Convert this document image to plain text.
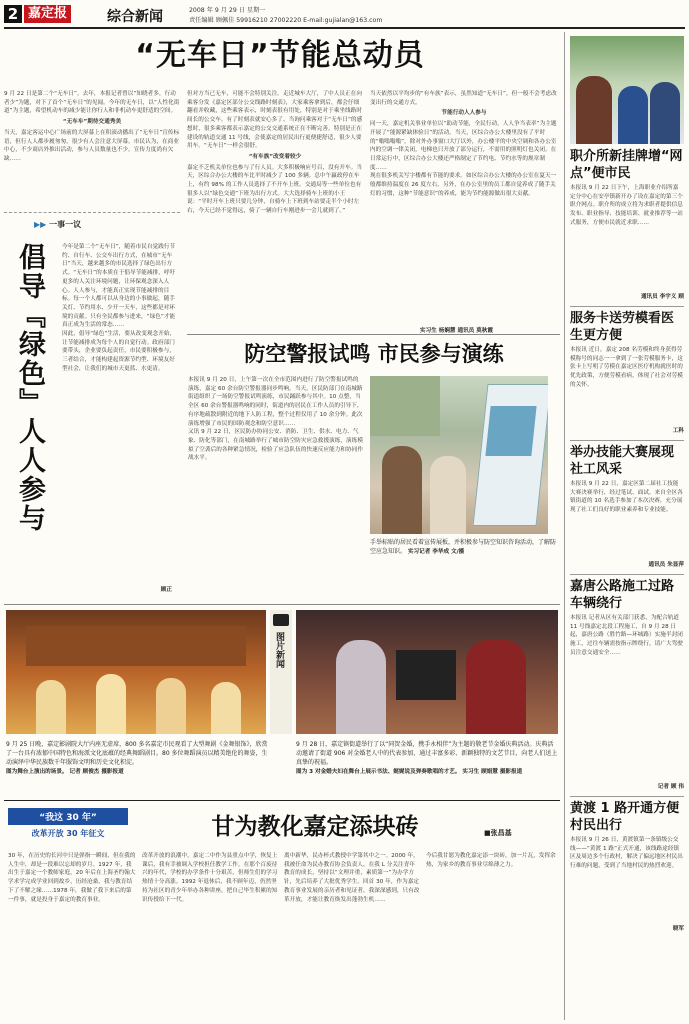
2 嘉定报	综合新闻	2008 年 9 月 29 日 星期一
责任编辑 顾佩佳 59916210 27002220 E-mail:gujialan@163.com
“无车日”节能总动员
9 月 22 日是第二个“无车日”。去年，本报记者曾以“知晓者多，行动者少”为题，对下了首个“无车日”的见闻。今年的无车日，以“人性化街道”为主题，希望机动车的减少能让你行人和非机动车更舒适的空间。
“无车车”期待交通秀美
当天，嘉定客运中心广场前的大屏幕上在积滚动播出了“无车日”宣传标语，但行人人都步履匆匆，很少有人会注意大屏幕。市民认为，在商业中心，不少商店外推出活动，参与人员数量也不少。宣传力度尚有欠缺……
但对方当已无车，可能不会特别关注。走近城车大厅，了中人员正在向乘客分发《嘉定区部分公交线路时刻表》，大家乘客拿到后，都会仔细翻看并收藏，这些乘客表示，时刻表很有用处，特别是对于乘坐线路时间长的公交车。有了时刻表就安心多了。当询问乘客对于“无车日”的感想时，很多乘客都表示嘉定的公交交通系统正在不断完善，特别是正在建设的轨道交通 11 号线，会使嘉定的居民出行更便捷舒适，很少人要用车。“无车日”一样会很舒。
“有车族”改变着较少
嘉定不乏机关单位也参与了行人员。大多积极响应号召，没有开车。当天，区综合办公大楼的车比平时减少了 100 多辆。总中午赢政停在车上，有约 98% 的工作人员选择了不开车上班。交通局等一些单位也有很多人以“绿色交通”下班为出行方式。大大选择骑车上班的小王说：“平时开车上班只要几分钟，自骑车上下班到车站要走半个小时左右，今天已经不觉得远，骑了一辆自行车刚进步一会儿就到了。”
当天依然以平均步的“有车族”表示，虽然知道“无车日”，但一般不会考虑改变出行的交通方式。
节能行动人人参与
同一天，嘉定机关事业单位以“助动节能，全民行动，人人争当表率”为主题开展了“能源紧缺体验日”的活动。当天，区综合办公大楼里没有了平时的“嗡嗡嗡嗡”，除对外办事窗口大厅以外，办公楼平的中央空调和各办公室内的空调一律关闭，电梯也只开放了部分运行，不需用的照明灯也关闭。在日常运行中，区综合办公大楼还严格制定了节约电、节约水等的规章制度……
现在很多机关写字楼都有节能的要求。如区综合办公大楼的办公室在夏天一般都维持温度在 26 度左右，另外，在办公室里的员工都自觉养成了随手关灯的习惯，这种“节能意识”的养成，能为节约能源做出很大贡献。
实习生 杨娴慧 通讯员 莫秋霞
▶▶ 一事一议
倡导『绿色』人人参与	今年是第二个“无车日”，随着市民自觉践行节约、自行车、公交车出行方式，在城市“无车日”当天，越来越多的市民选择了绿色出行方式。“无车日”的本质在于倡导节能减排，呼吁更多的人关注环境问题，让环保观念深入人心。人人参与，才能真正实现节能减排的目标。每一个人都可以从身边的小事做起，随手关灯、节约用水、少开一天车，这些都是对环境的贡献。只有全民都参与进来，“绿色”才能真正成为生活的常态……
因此，倡导“绿色”生活，要从改变观念开始，让节能减排成为每个人的自觉行动。政府部门要带头，企业要负起责任，市民要积极参与，三者结合，才能构建起资源节约型、环境友好型社会，让我们的城市天更蓝、水更清。
顾正
防空警报试鸣 市民参与演练
本报讯 9 月 20 日，上午第一次在全市范围内进行了防空警报试鸣的演练，嘉定 60 余台防空警报器同步鸣响。当天，区民防部门在南城路街道组织了一场防空警报试鸣演练，市民踊跃参与其中。10 点整，当全区 60 余台警报器鸣响的同时，街道内的居民在工作人员的引导下，有序地疏散到附近的地下人防工程，整个过程仅用了 10 余分钟。此次演练增强了市民的国防观念和防空意识……
又讯 9 月 22 日，区民防办协同公安、消防、卫生、供水、电力、气象、防化等部门，在南城路举行了城市防空防灾应急救援演练，演练模拟了空袭后的各种紧急情况，检验了应急队伍的快速反应能力和协同作战水平。
手举标贴的居民看着宣传展板，并积极参与防空知识咨询活动，了解防空应急知识。 实习记者 李华成 文/摄
图片新闻
9 月 25 日晚，嘉定影剧院大厅内座无虚席，800 多名嘉定市民观看了大型舞剧《金舞银饰》，欣赏了一台具有浓郁中国特色和海派文化底蕴的经典舞蹈剧目。80 多位舞蹈演员以精美绝伦的舞姿，生动演绎中华民族数千年服饰文明和历史文化积淀。
图为舞台上演出的场景。 记者 顾俊杰 摄影报道
9 月 28 日，嘉定镇街道举行了以“同贺金婚，携手永相伴”为主题的敬老节金婚庆典活动。庆典活动邀请了街道 906 对金婚老人中的代表参加，通过丰富多彩、新颖独特的文艺节目，向老人们送上真挚的祝福。
图为 3 对金婚夫妇在舞台上展示书法、娓娓说及弹奏歌唱的才艺。 实习生 顾娟慧 摄影报道
“我这 30 年”
改革开放 30 年征文	甘为教化嘉定添块砖	■张昌基
30 年，在历史的长河中只是弹指一瞬间，但在我的人生中，却是一段难以忘却的岁月。1927 年，我出生于嘉定一个教师家庭，20 年后在上海圣约翰大学求学完成学业回到故乡，历经沧桑，我与教育结下了不解之缘……1978 年，我做了我下来后的第一件事，就是投身于嘉定的教育事业。
改革开放的浪潮中，嘉定二中作为县重点中学，恢复上课后，我有幸被调入学校担任教学工作。在那个百废待兴的年代，学校的办学条件十分艰苦，但师生们的学习热情十分高涨。1992 年退休后，我不顾年迈，仍然坚持为社区的青少年举办各种讲座，把自己毕生积累的知识传授给下一代。
离中新华，民办杯式教授中学第其中之一。2000 年，我被任命为民办教育协会负责人，在我 L 分关注青年教育的成长，坚持以“文理并重，素质第一”为办学方针，先后培养了大批优秀学生。回首 30 年，作为嘉定教育事业发展的亲历者和见证者，我深深感到，只有改革开放，才能让教育焕发出蓬勃生机……
今后我甘愿为教化嘉定添一块砖，加一片瓦，发挥余热，为家乡的教育事业尽绵薄之力。
职介所新挂牌增“网点”便市民
本报讯 9 月 22 日下午，上海职业介绍所嘉定分中心在安亭镇新开办了设在嘉定的第三个职介网点。职介所的成立将为求职者提供信息发布、职业指导、技能培训、就业推荐等一站式服务，方便市民就近求职……
通讯员 李宇义 顾
服务卡送劳模看医生更方便
本报讯 近日，嘉定 208 名劳模和终身获得劳模称号的同志一一拿到了一张劳模服务卡，这张卡上写明了劳模在嘉定区医疗机构就医时的优先政策，方便劳模看病，体现了社会对劳模的关怀。
工科
举办技能大赛展现社工风采
本报讯 9 月 22 日，嘉定区第二届社工技能大赛决赛举行，经过笔试、面试，来自全区各镇街道的 10 名选手参加了本次决赛，充分展现了社工们良好的职业素养和专业技能。
通讯员 朱显萍
嘉唐公路施工过路车辆绕行
本报讯 记者从区有关部门获悉，为配合轨道 11 号线嘉定北段工程施工，自 9 月 28 日起，嘉唐公路（胜竹路—环城路）实施半封闭施工，过往车辆需按指示牌绕行，请广大驾驶员注意交通安全……
记者 顾 伟
黄渡 1 路开通方便村民出行
本报讯 9 月 26 日，黄渡镇第一条镇级公交线——“黄渡 1 路”正式开通，该线路途经镇区及周边多个行政村，解决了偏远地区村民出行难的问题，受到了当地村民的热烈欢迎。
晓军
